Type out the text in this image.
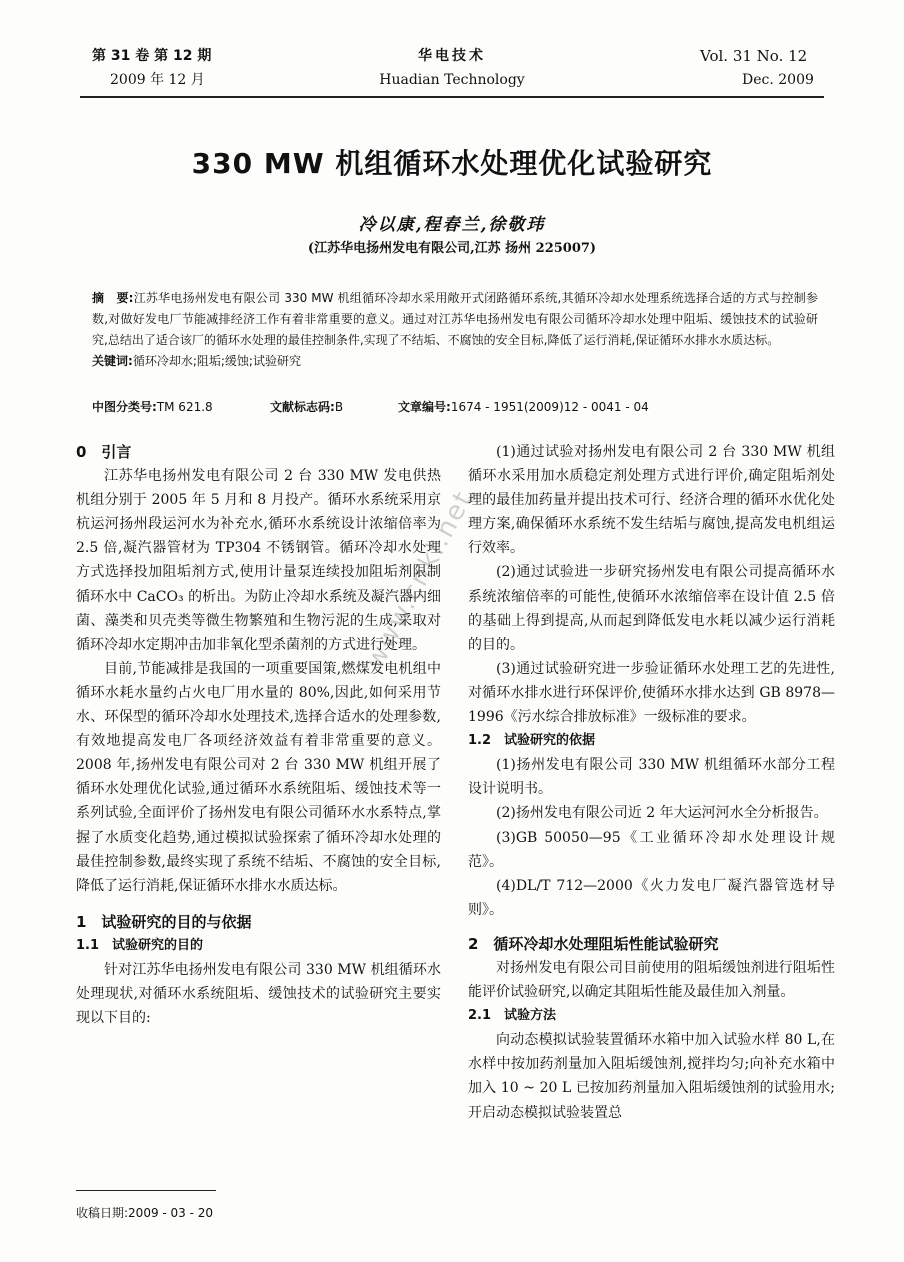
第 31 卷 第 12 期
2009 年 12 月
华电技术
Huadian Technology
Vol. 31 No. 12
Dec. 2009
330 MW 机组循环水处理优化试验研究
冷以康,程春兰,徐敬玮
(江苏华电扬州发电有限公司,江苏 扬州 225007)
摘　要:江苏华电扬州发电有限公司 330 MW 机组循环冷却水采用敞开式闭路循环系统,其循环冷却水处理系统选择合适的方式与控制参数,对做好发电厂节能减排经济工作有着非常重要的意义。通过对江苏华电扬州发电有限公司循环冷却水处理中阻垢、缓蚀技术的试验研究,总结出了适合该厂的循环水处理的最佳控制条件,实现了不结垢、不腐蚀的安全目标,降低了运行消耗,保证循环水排水水质达标。
关键词:循环冷却水;阻垢;缓蚀;试验研究
中图分类号:TM 621.8	文献标志码:B	文章编号:1674 - 1951(2009)12 - 0041 - 04

0　引言

江苏华电扬州发电有限公司 2 台 330 MW 发电供热机组分别于 2005 年 5 月和 8 月投产。循环水系统采用京杭运河扬州段运河水为补充水,循环水系统设计浓缩倍率为 2.5 倍,凝汽器管材为 TP304 不锈钢管。循环冷却水处理方式选择投加阻垢剂方式,使用计量泵连续投加阻垢剂限制循环水中 CaCO₃ 的析出。为防止冷却水系统及凝汽器内细菌、藻类和贝壳类等微生物繁殖和生物污泥的生成,采取对循环冷却水定期冲击加非氧化型杀菌剂的方式进行处理。

目前,节能减排是我国的一项重要国策,燃煤发电机组中循环水耗水量约占火电厂用水量的 80%,因此,如何采用节水、环保型的循环冷却水处理技术,选择合适水的处理参数,有效地提高发电厂各项经济效益有着非常重要的意义。2008 年,扬州发电有限公司对 2 台 330 MW 机组开展了循环水处理优化试验,通过循环水系统阻垢、缓蚀技术等一系列试验,全面评价了扬州发电有限公司循环水水系特点,掌握了水质变化趋势,通过模拟试验探索了循环冷却水处理的最佳控制参数,最终实现了系统不结垢、不腐蚀的安全目标,降低了运行消耗,保证循环水排水水质达标。

1　试验研究的目的与依据

1.1　试验研究的目的

针对江苏华电扬州发电有限公司 330 MW 机组循环水处理现状,对循环水系统阻垢、缓蚀技术的试验研究主要实现以下目的:

(1)通过试验对扬州发电有限公司 2 台 330 MW 机组循环水采用加水质稳定剂处理方式进行评价,确定阻垢剂处理的最佳加药量并提出技术可行、经济合理的循环水优化处理方案,确保循环水系统不发生结垢与腐蚀,提高发电机组运行效率。

(2)通过试验进一步研究扬州发电有限公司提高循环水系统浓缩倍率的可能性,使循环水浓缩倍率在设计值 2.5 倍的基础上得到提高,从而起到降低发电水耗以减少运行消耗的目的。

(3)通过试验研究进一步验证循环水处理工艺的先进性,对循环水排水进行环保评价,使循环水排水达到 GB 8978—1996《污水综合排放标准》一级标准的要求。

1.2　试验研究的依据

(1)扬州发电有限公司 330 MW 机组循环水部分工程设计说明书。

(2)扬州发电有限公司近 2 年大运河河水全分析报告。

(3)GB 50050—95《工业循环冷却水处理设计规范》。

(4)DL/T 712—2000《火力发电厂凝汽器管选材导则》。

2　循环冷却水处理阻垢性能试验研究

对扬州发电有限公司目前使用的阻垢缓蚀剂进行阻垢性能评价试验研究,以确定其阻垢性能及最佳加入剂量。

2.1　试验方法

向动态模拟试验装置循环水箱中加入试验水样 80 L,在水样中按加药剂量加入阻垢缓蚀剂,搅拌均匀;向补充水箱中加入 10 ~ 20 L 已按加药剂量加入阻垢缓蚀剂的试验用水;开启动态模拟试验装置总

www.cnki.net
收稿日期:2009 - 03 - 20
